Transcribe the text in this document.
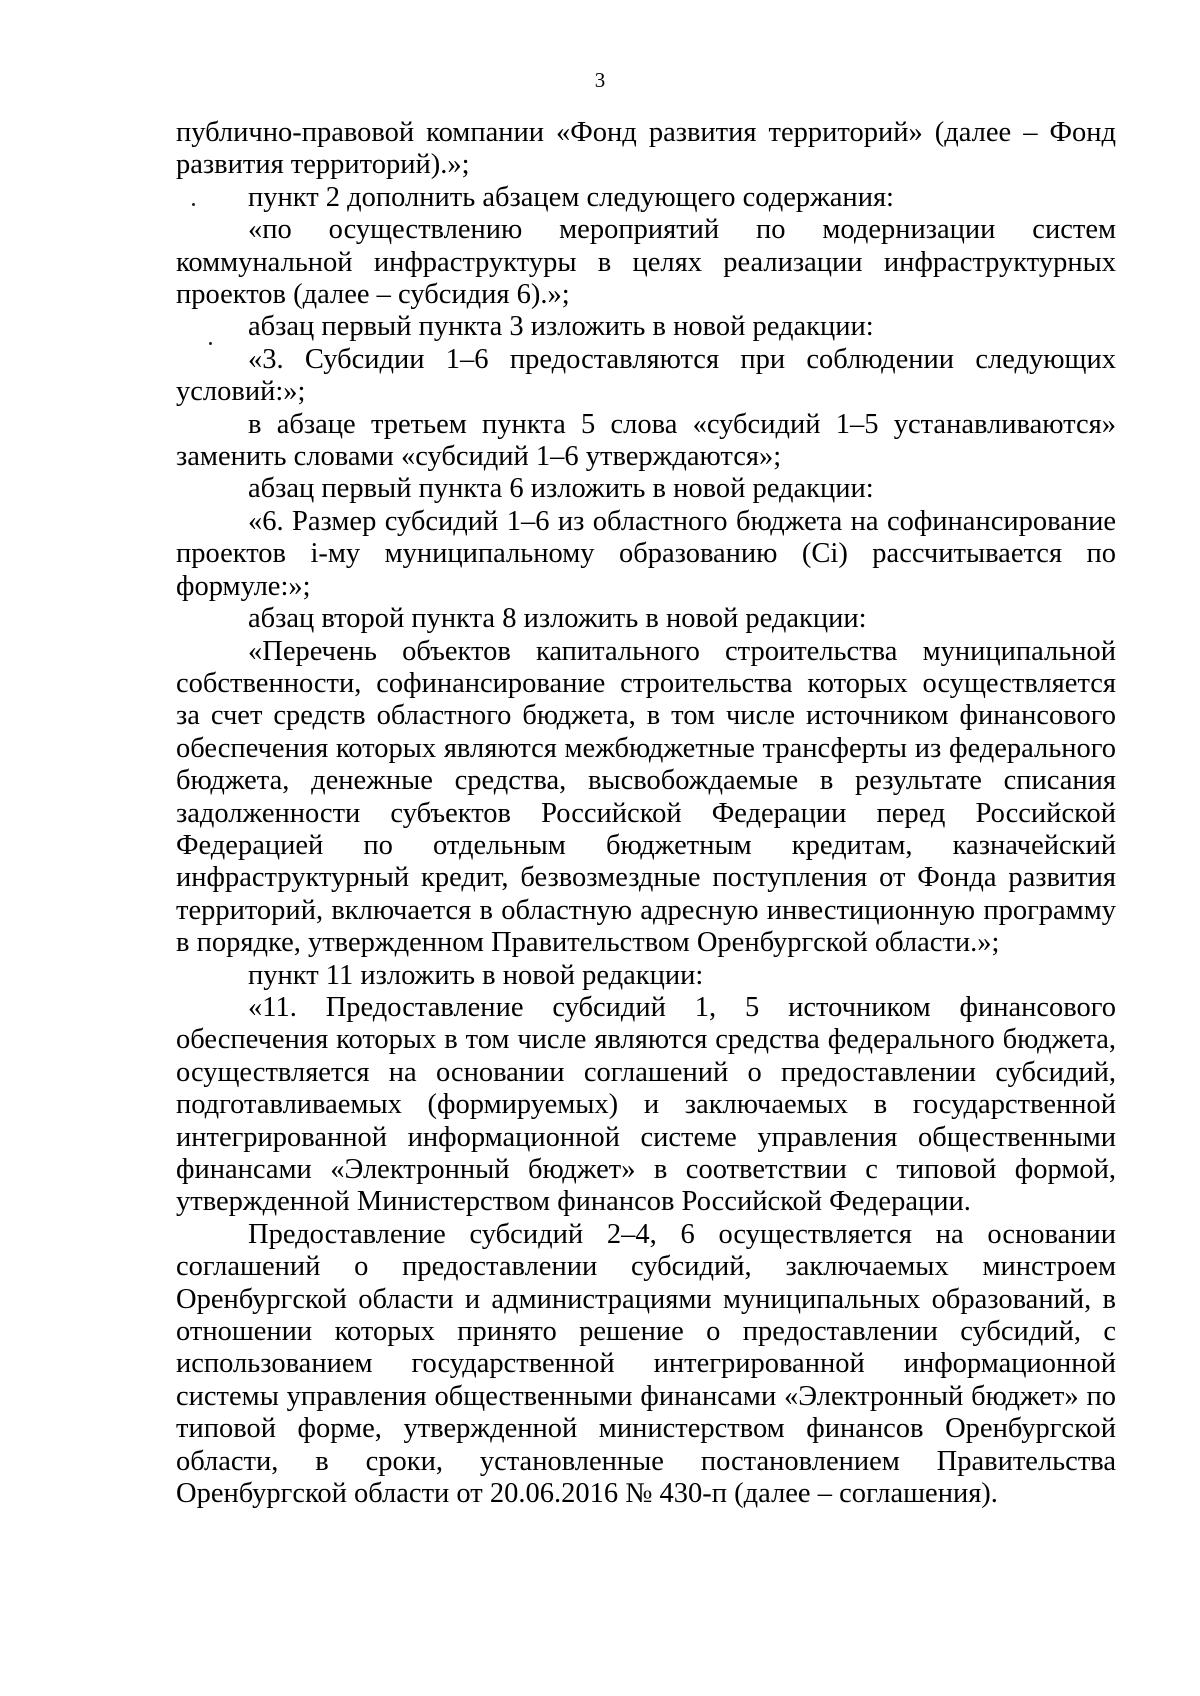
3

публично-правовой компании «Фонд развития территорий» (далее – Фонд развития территорий).»;

пункт 2 дополнить абзацем следующего содержания:

«по осуществлению мероприятий по модернизации систем коммунальной инфраструктуры в целях реализации инфраструктурных проектов (далее – субсидия 6).»;

абзац первый пункта 3 изложить в новой редакции:

«3. Субсидии 1–6 предоставляются при соблюдении следующих условий:»;

в абзаце третьем пункта 5 слова «субсидий 1–5 устанавливаются» заменить словами «субсидий 1–6 утверждаются»;

абзац первый пункта 6 изложить в новой редакции:

«6. Размер субсидий 1–6 из областного бюджета на софинансирование проектов i-му муниципальному образованию (Ci) рассчитывается по формуле:»;

абзац второй пункта 8 изложить в новой редакции:

«Перечень объектов капитального строительства муниципальной собственности, софинансирование строительства которых осуществляется за счет средств областного бюджета, в том числе источником финансового обеспечения которых являются межбюджетные трансферты из федерального бюджета, денежные средства, высвобождаемые в результате списания задолженности субъектов Российской Федерации перед Российской Федерацией по отдельным бюджетным кредитам, казначейский инфраструктурный кредит, безвозмездные поступления от Фонда развития территорий, включается в областную адресную инвестиционную программу в порядке, утвержденном Правительством Оренбургской области.»;

пункт 11 изложить в новой редакции:

«11. Предоставление субсидий 1, 5 источником финансового обеспечения которых в том числе являются средства федерального бюджета, осуществляется на основании соглашений о предоставлении субсидий, подготавливаемых (формируемых) и заключаемых в государственной интегрированной информационной системе управления общественными финансами «Электронный бюджет» в соответствии с типовой формой, утвержденной Министерством финансов Российской Федерации.

Предоставление субсидий 2–4, 6 осуществляется на основании соглашений о предоставлении субсидий, заключаемых минстроем Оренбургской области и администрациями муниципальных образований, в отношении которых принято решение о предоставлении субсидий, с использованием государственной интегрированной информационной системы управления общественными финансами «Электронный бюджет» по типовой форме, утвержденной министерством финансов Оренбургской области, в сроки, установленные постановлением Правительства Оренбургской области от 20.06.2016 № 430-п (далее – соглашения).
